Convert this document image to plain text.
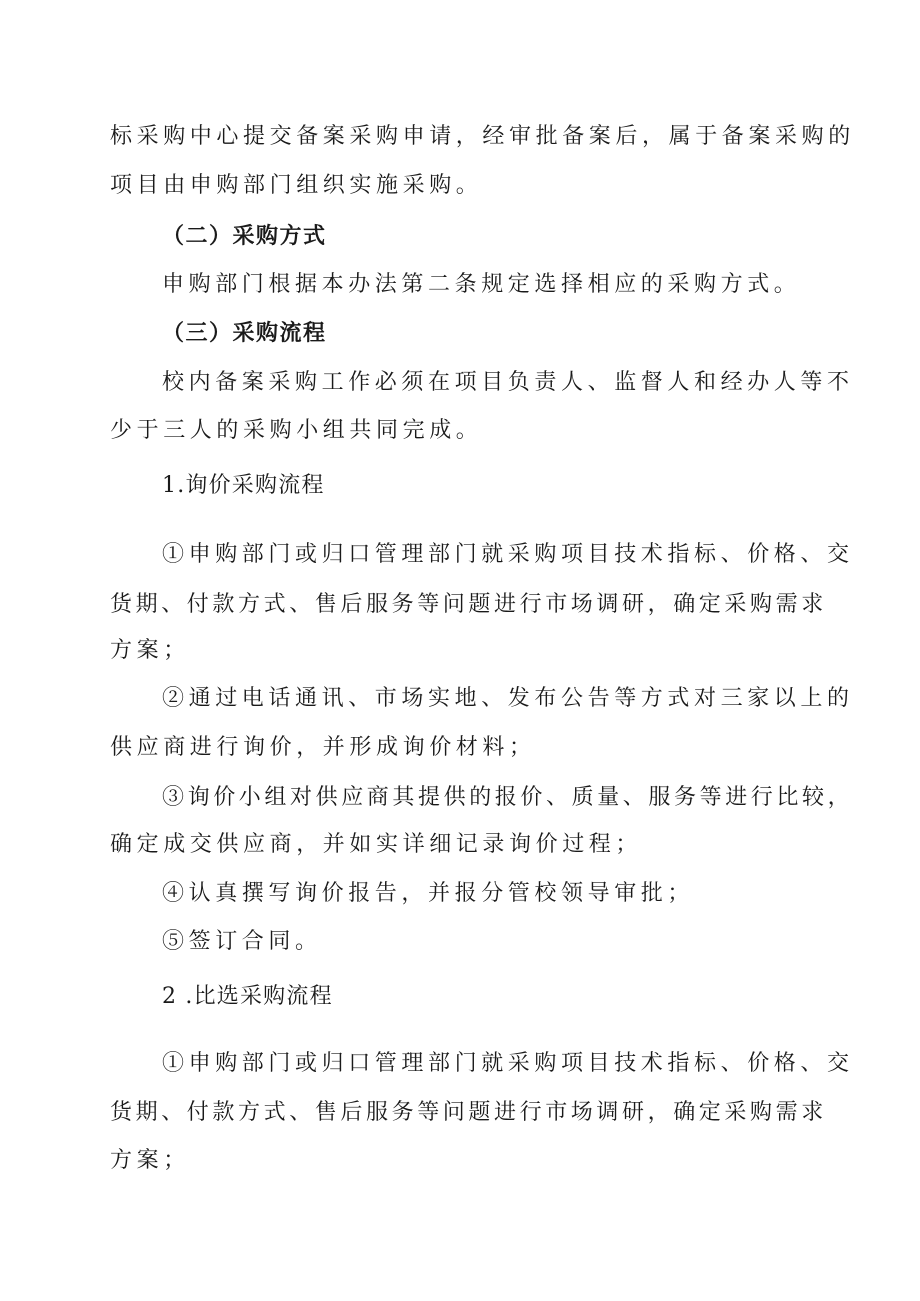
标采购中心提交备案采购申请，经审批备案后，属于备案采购的
项目由申购部门组织实施采购。
（二）采购方式
申购部门根据本办法第二条规定选择相应的采购方式。
（三）采购流程
校内备案采购工作必须在项目负责人、监督人和经办人等不
少于三人的采购小组共同完成。
1.询价采购流程
①申购部门或归口管理部门就采购项目技术指标、价格、交
货期、付款方式、售后服务等问题进行市场调研，确定采购需求
方案；
②通过电话通讯、市场实地、发布公告等方式对三家以上的
供应商进行询价，并形成询价材料；
③询价小组对供应商其提供的报价、质量、服务等进行比较，
确定成交供应商，并如实详细记录询价过程；
④认真撰写询价报告，并报分管校领导审批；
⑤签订合同。
2 .比选采购流程
①申购部门或归口管理部门就采购项目技术指标、价格、交
货期、付款方式、售后服务等问题进行市场调研，确定采购需求
方案；
